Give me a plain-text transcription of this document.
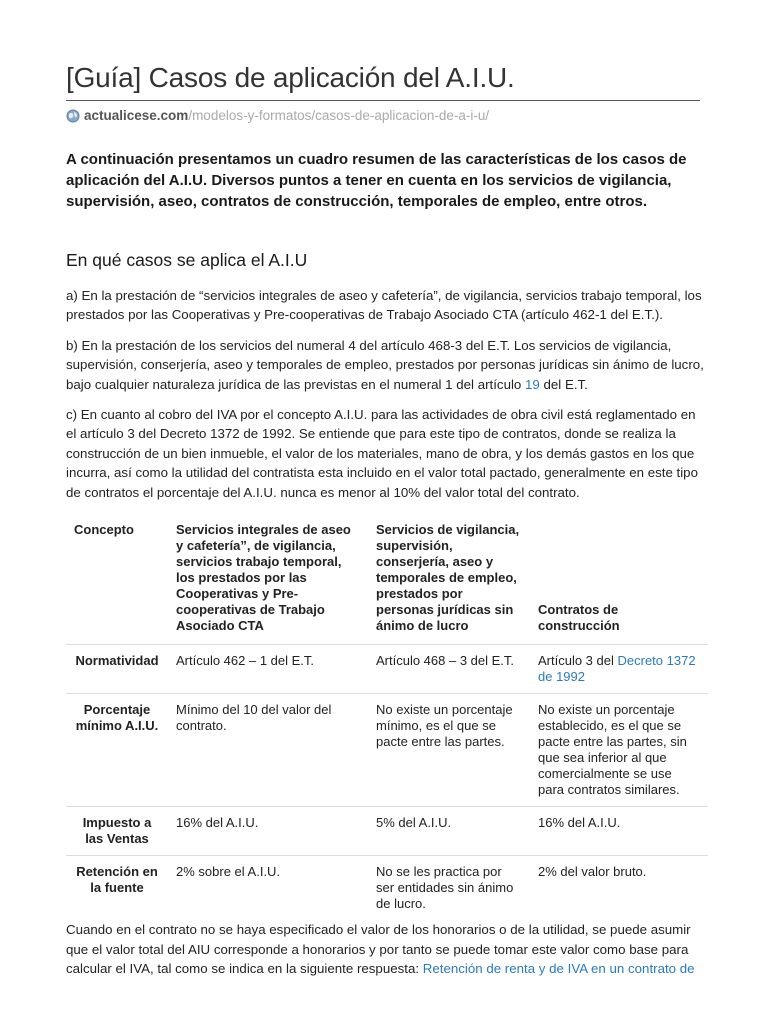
[Guía] Casos de aplicación del A.I.U.
actualicese.com /modelos-y-formatos/casos-de-aplicacion-de-a-i-u/

A continuación presentamos un cuadro resumen de las características de los casos de aplicación del A.I.U. Diversos puntos a tener en cuenta en los servicios de vigilancia, supervisión, aseo, contratos de construcción, temporales de empleo, entre otros.

En qué casos se aplica el A.I.U

a) En la prestación de “servicios integrales de aseo y cafetería”, de vigilancia, servicios trabajo temporal, los prestados por las Cooperativas y Pre-cooperativas de Trabajo Asociado CTA (artículo 462-1 del E.T.).

b) En la prestación de los servicios del numeral 4 del artículo 468-3 del E.T. Los servicios de vigilancia, supervisión, conserjería, aseo y temporales de empleo, prestados por personas jurídicas sin ánimo de lucro, bajo cualquier naturaleza jurídica de las previstas en el numeral 1 del artículo 19 del E.T.

c) En cuanto al cobro del IVA por el concepto A.I.U. para las actividades de obra civil está reglamentado en el artículo 3 del Decreto 1372 de 1992. Se entiende que para este tipo de contratos, donde se realiza la construcción de un bien inmueble, el valor de los materiales, mano de obra, y los demás gastos en los que incurra, así como la utilidad del contratista esta incluido en el valor total pactado, generalmente en este tipo de contratos el porcentaje del A.I.U. nunca es menor al 10% del valor total del contrato.

Concepto	Servicios integrales de aseo y cafetería”, de vigilancia, servicios trabajo temporal, los prestados por las Cooperativas y Pre-cooperativas de Trabajo Asociado CTA	Servicios de vigilancia, supervisión, conserjería, aseo y temporales de empleo, prestados por personas jurídicas sin ánimo de lucro	Contratos de construcción
Normatividad	Artículo 462 – 1 del E.T.	Artículo 468 – 3 del E.T.	Artículo 3 del Decreto 1372 de 1992
Porcentaje mínimo A.I.U.	Mínimo del 10 del valor del contrato.	No existe un porcentaje mínimo, es el que se pacte entre las partes.	No existe un porcentaje establecido, es el que se pacte entre las partes, sin que sea inferior al que comercialmente se use para contratos similares.
Impuesto a las Ventas	16% del A.I.U.	5% del A.I.U.	16% del A.I.U.
Retención en la fuente	2% sobre el A.I.U.	No se les practica por ser entidades sin ánimo de lucro.	2% del valor bruto.

Cuando en el contrato no se haya especificado el valor de los honorarios o de la utilidad, se puede asumir que el valor total del AIU corresponde a honorarios y por tanto se puede tomar este valor como base para calcular el IVA, tal como se indica en la siguiente respuesta: Retención de renta y de IVA en un contrato de
